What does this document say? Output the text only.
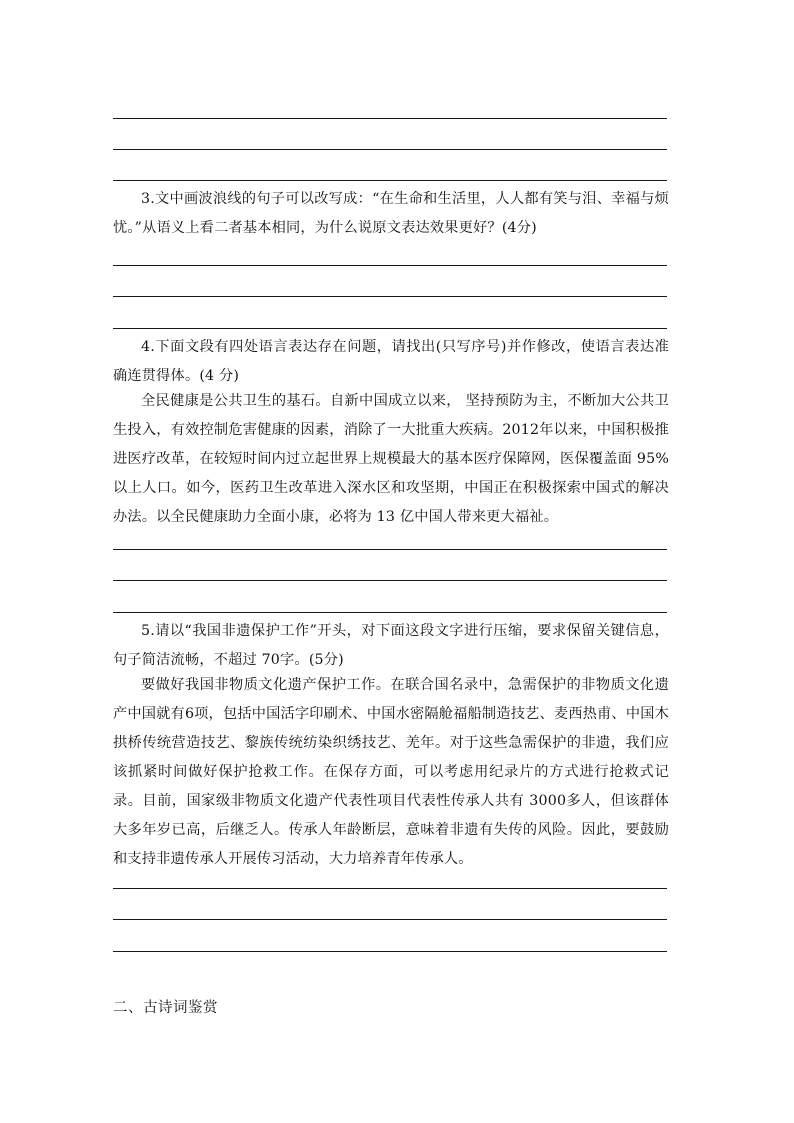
3.文中画波浪线的句子可以改写成：“在生命和生活里，人人都有笑与泪、幸福与烦忧。”从语义上看二者基本相同，为什么说原文表达效果更好？(4分)

4.下面文段有四处语言表达存在问题，请找出(只写序号)并作修改，使语言表达准确连贯得体。(4 分)

全民健康是公共卫生的基石。自新中国成立以来， 坚持预防为主，不断加大公共卫生投入，有效控制危害健康的因素，消除了一大批重大疾病。2012年以来，中国积极推进医疗改革，在较短时间内过立起世界上规模最大的基本医疗保障网，医保覆盖面 95%以上人口。如今，医药卫生改革进入深水区和攻坚期，中国正在积极探索中国式的解决办法。以全民健康助力全面小康，必将为 13 亿中国人带来更大福祉。

5.请以“我国非遗保护工作”开头，对下面这段文字进行压缩，要求保留关键信息，句子简洁流畅，不超过 70字。(5分)

要做好我国非物质文化遗产保护工作。在联合国名录中，急需保护的非物质文化遗产中国就有6项，包括中国活字印刷术、中国水密隔舱福船制造技艺、麦西热甫、中国木拱桥传统营造技艺、黎族传统纺染织绣技艺、羌年。对于这些急需保护的非遗，我们应该抓紧时间做好保护抢救工作。在保存方面，可以考虑用纪录片的方式进行抢救式记录。目前，国家级非物质文化遗产代表性项目代表性传承人共有 3000多人，但该群体大多年岁已高，后继乏人。传承人年龄断层，意味着非遗有失传的风险。因此，要鼓励和支持非遗传承人开展传习活动，大力培养青年传承人。

二、古诗词鉴赏
